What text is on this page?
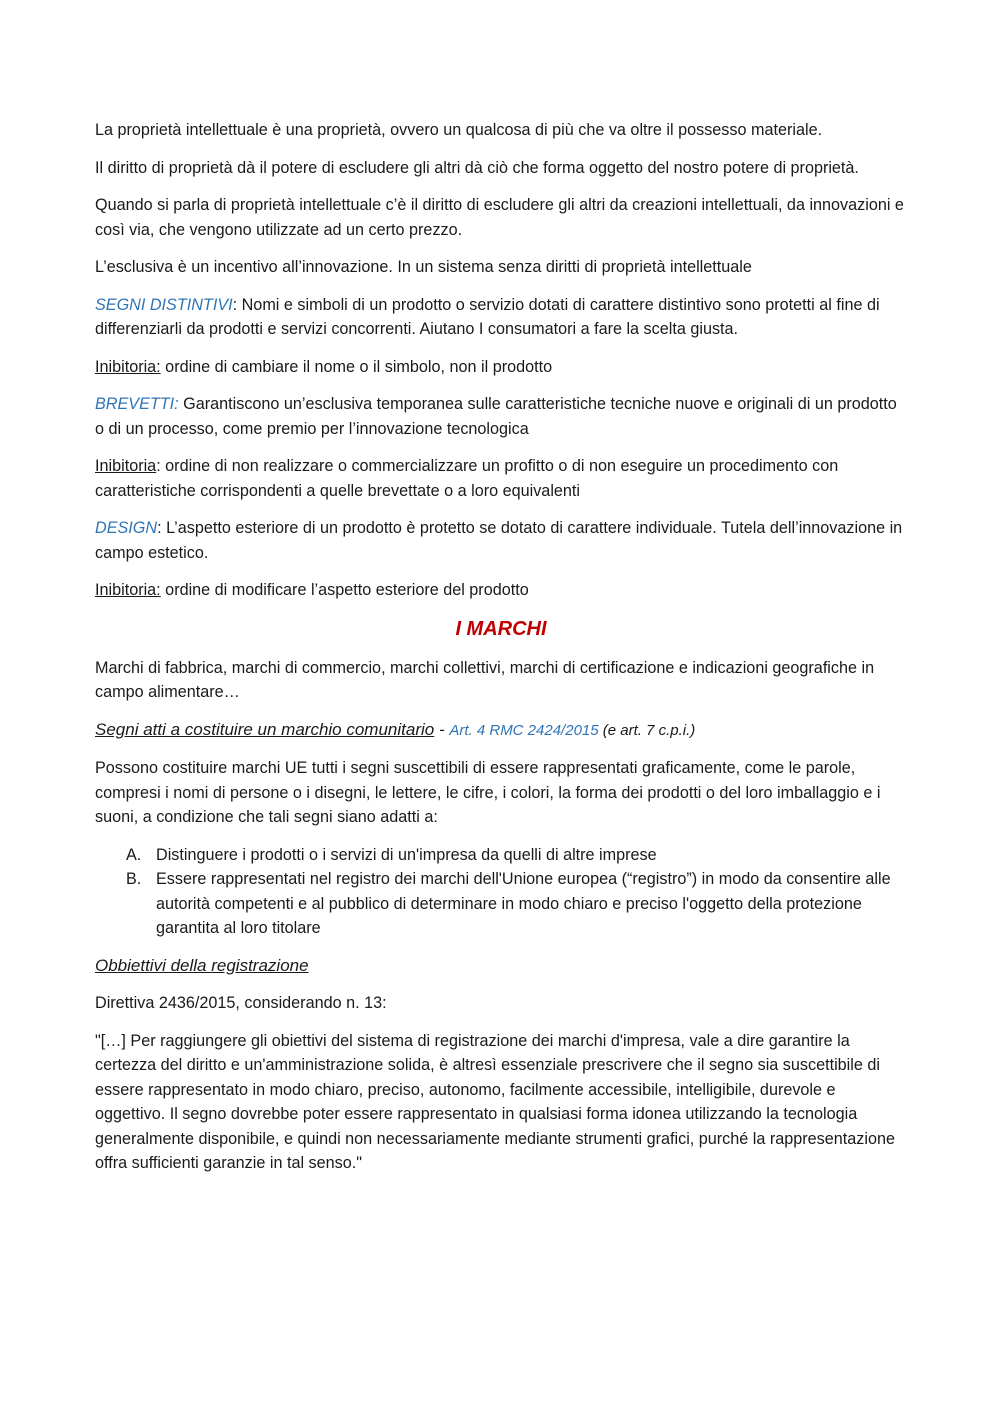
La proprietà intellettuale è una proprietà, ovvero un qualcosa di più che va oltre il possesso materiale.

Il diritto di proprietà dà il potere di escludere gli altri dà ciò che forma oggetto del nostro potere di proprietà.

Quando si parla di proprietà intellettuale c’è il diritto di escludere gli altri da creazioni intellettuali, da innovazioni e così via, che vengono utilizzate ad un certo prezzo.

L’esclusiva è un incentivo all’innovazione. In un sistema senza diritti di proprietà intellettuale

SEGNI DISTINTIVI: Nomi e simboli di un prodotto o servizio dotati di carattere distintivo sono protetti al fine di differenziarli da prodotti e servizi concorrenti. Aiutano I consumatori a fare la scelta giusta.

Inibitoria: ordine di cambiare il nome o il simbolo, non il prodotto

BREVETTI: Garantiscono un’esclusiva temporanea sulle caratteristiche tecniche nuove e originali di un prodotto o di un processo, come premio per l’innovazione tecnologica

Inibitoria: ordine di non realizzare o commercializzare un profitto o di non eseguire un procedimento con caratteristiche corrispondenti a quelle brevettate o a loro equivalenti

DESIGN: L’aspetto esteriore di un prodotto è protetto se dotato di carattere individuale. Tutela dell’innovazione in campo estetico.

Inibitoria: ordine di modificare l’aspetto esteriore del prodotto

I MARCHI

Marchi di fabbrica, marchi di commercio, marchi collettivi, marchi di certificazione e indicazioni geografiche in campo alimentare…

Segni atti a costituire un marchio comunitario - Art. 4 RMC 2424/2015 (e art. 7 c.p.i.)

Possono costituire marchi UE tutti i segni suscettibili di essere rappresentati graficamente, come le parole, compresi i nomi di persone o i disegni, le lettere, le cifre, i colori, la forma dei prodotti o del loro imballaggio e i suoni, a condizione che tali segni siano adatti a:

A. Distinguere i prodotti o i servizi di un'impresa da quelli di altre imprese
B. Essere rappresentati nel registro dei marchi dell'Unione europea (“registro”) in modo da consentire alle autorità competenti e al pubblico di determinare in modo chiaro e preciso l'oggetto della protezione garantita al loro titolare

Obbiettivi della registrazione

Direttiva 2436/2015, considerando n. 13:

"[…] Per raggiungere gli obiettivi del sistema di registrazione dei marchi d'impresa, vale a dire garantire la certezza del diritto e un'amministrazione solida, è altresì essenziale prescrivere che il segno sia suscettibile di essere rappresentato in modo chiaro, preciso, autonomo, facilmente accessibile, intelligibile, durevole e oggettivo. Il segno dovrebbe poter essere rappresentato in qualsiasi forma idonea utilizzando la tecnologia generalmente disponibile, e quindi non necessariamente mediante strumenti grafici, purché la rappresentazione offra sufficienti garanzie in tal senso."
